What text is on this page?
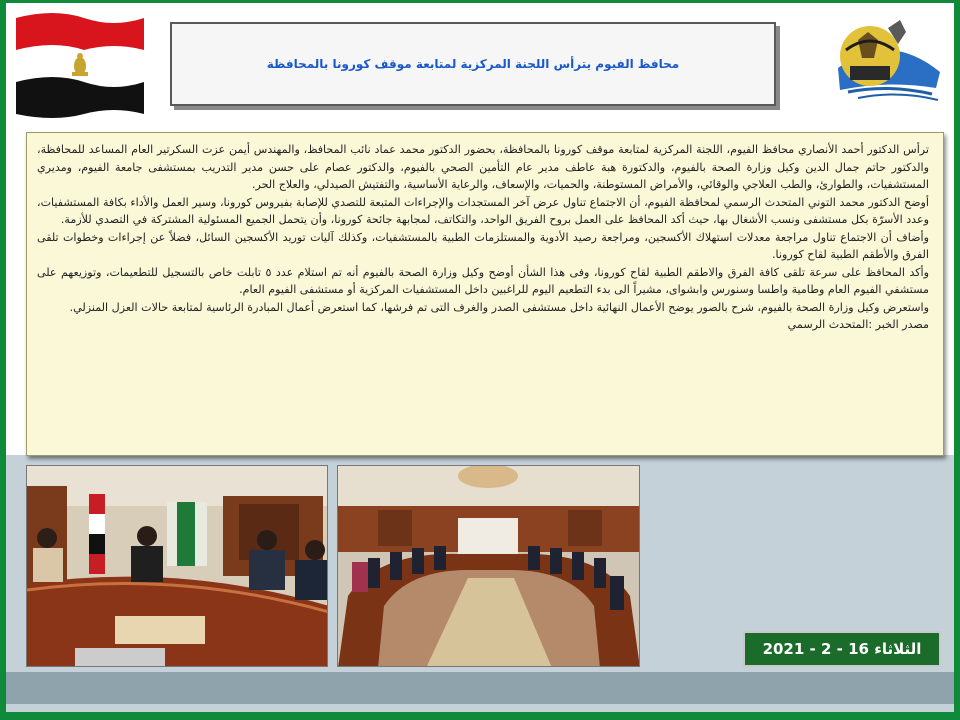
محافظ الفيوم يترأس اللجنة المركزية لمتابعة موقف كورونا بالمحافظة

ترأس الدكتور أحمد الأنصاري محافظ الفيوم، اللجنة المركزية لمتابعة موقف كورونا بالمحافظة، بحضور الدكتور محمد عماد نائب المحافظ، والمهندس أيمن عزت السكرتير العام المساعد للمحافظة، والدكتور حاتم جمال الدين وكيل وزارة الصحة بالفيوم، والدكتورة هبة عاطف مدير عام التأمين الصحي بالفيوم، والدكتور عصام على حسن مدير التدريب بمستشفى جامعة الفيوم، ومديري المستشفيات، والطوارئ، والطب العلاجي والوقائي، والأمراض المستوطنة، والحميات، والإسعاف، والرعاية الأساسية، والتفتيش الصيدلي، والعلاج الحر.

أوضح الدكتور محمد التوني المتحدث الرسمي لمحافظة الفيوم، أن الاجتماع تناول عرض آخر المستجدات والإجراءات المتبعة للتصدي للإصابة بفيروس كورونا، وسير العمل والأداء بكافة المستشفيات، وعدد الأسرّة بكل مستشفى ونسب الأشغال بها، حيث أكد المحافظ على العمل بروح الفريق الواحد، والتكاتف، لمجابهة جائحة كورونا، وأن يتحمل الجميع المسئولية المشتركة في التصدي للأزمة.

وأضاف أن الاجتماع تناول مراجعة معدلات استهلاك الأكسجين، ومراجعة رصيد الأدوية والمستلزمات الطبية بالمستشفيات، وكذلك آليات توريد الأكسجين السائل، فضلاً عن إجراءات وخطوات تلقى الفرق والأطقم الطبية لقاح كورونا.

وأكد المحافظ على سرعة تلقى كافة الفرق والاطقم الطبية لقاح كورونا، وفى هذا الشأن أوضح وكيل وزارة الصحة بالفيوم أنه تم استلام عدد ٥ تابلت خاص بالتسجيل للتطعيمات، وتوزيعهم على مستشفي الفيوم العام وطامية واطسا وسنورس وابشواى، مشيراً الى بدء التطعيم اليوم للراغبين داخل المستشفيات المركزية أو مستشفى الفيوم العام.

واستعرض وكيل وزارة الصحة بالفيوم، شرح بالصور يوضح الأعمال النهائية داخل مستشفى الصدر والغرف التى تم فرشها، كما استعرض أعمال المبادرة الرئاسية لمتابعة حالات العزل المنزلي.

مصدر الخبر :المتحدث الرسمي

الثلاثاء 16 - 2 - 2021
